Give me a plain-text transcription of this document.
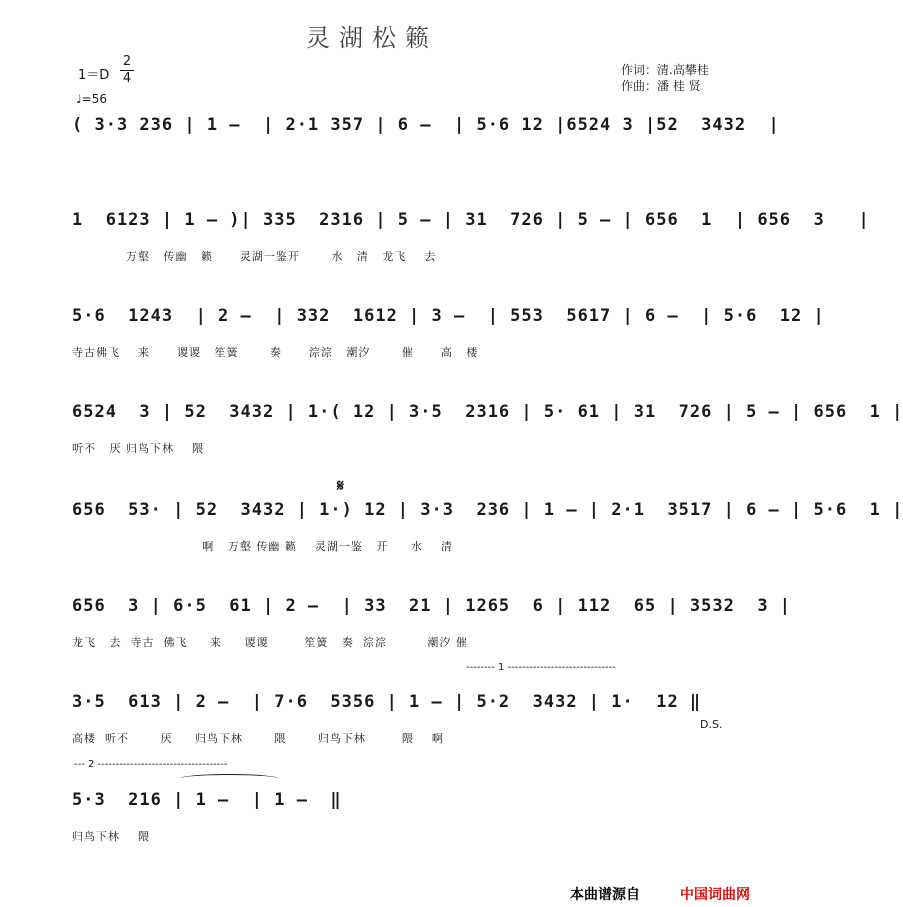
灵湖松籁
1＝D
2
4
♩=56
作词：清.高攀桂
作曲：潘 桂 贤
( 3·3 236 | 1 –  | 2·1 357 | 6 –  | 5·6 12 |6524 3 |52  3432  |
1  6123 | 1 – )| 335  2316 | 5 – | 31  726 | 5 – | 656  1  | 656  3   |
万壑   传幽   籁      灵湖一鉴开       水   清   龙飞    去
5·6  1243  | 2 –  | 332  1612 | 3 –  | 553  5617 | 6 –  | 5·6  12 |
寺古佛飞    来      谡谡   笙簧       奏      淙淙   潮汐       催      高   楼
6524  3 | 52  3432 | 1·( 12 | 3·5  2316 | 5· 61 | 31  726 | 5 – | 656  1 |
听不   厌 归鸟下林    隈
𝄋
656  53· | 52  3432 | 1·) 12 | 3·3  236 | 1 – | 2·1  3517 | 6 – | 5·6  1 |
啊   万壑 传幽 籁    灵湖一鉴   开     水    清
656  3 | 6·5  61 | 2 –  | 33  21 | 1265  6 | 112  65 | 3532  3 |
龙飞   去  寺古  佛飞     来     谡谡        笙簧   奏  淙淙         潮汐 催
-------- 1 ------------------------------
3·5  613 | 2 –  | 7·6  5356 | 1 – | 5·2  3432 | 1·  12 ‖
高楼  听不       厌     归鸟下林       隈       归鸟下林        隈    啊
D.S.
--- 2 ------------------------------------
5·3  216 | 1 –  | 1 –  ‖
归鸟下林    隈
本曲谱源自	中国词曲网
